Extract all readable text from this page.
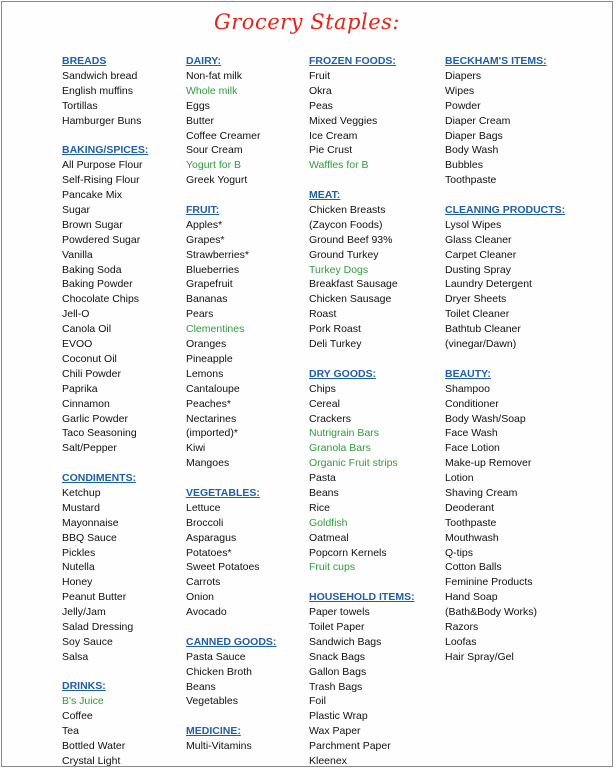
Grocery Staples:
BREADS
Sandwich bread
English muffins
Tortillas
Hamburger Buns
BAKING/SPICES:
All Purpose Flour
Self-Rising Flour
Pancake Mix
Sugar
Brown Sugar
Powdered Sugar
Vanilla
Baking Soda
Baking Powder
Chocolate Chips
Jell-O
Canola Oil
EVOO
Coconut Oil
Chili Powder
Paprika
Cinnamon
Garlic Powder
Taco Seasoning
Salt/Pepper
CONDIMENTS:
Ketchup
Mustard
Mayonnaise
BBQ Sauce
Pickles
Nutella
Honey
Peanut Butter
Jelly/Jam
Salad Dressing
Soy Sauce
Salsa
DRINKS:
B's Juice
Coffee
Tea
Bottled Water
Crystal Light
DAIRY:
Non-fat milk
Whole milk
Eggs
Butter
Coffee Creamer
Sour Cream
Yogurt for B
Greek Yogurt
FRUIT:
Apples*
Grapes*
Strawberries*
Blueberries
Grapefruit
Bananas
Pears
Clementines
Oranges
Pineapple
Lemons
Cantaloupe
Peaches*
Nectarines
(imported)*
Kiwi
Mangoes
VEGETABLES:
Lettuce
Broccoli
Asparagus
Potatoes*
Sweet Potatoes
Carrots
Onion
Avocado
CANNED GOODS:
Pasta Sauce
Chicken Broth
Beans
Vegetables
MEDICINE:
Multi-Vitamins
FROZEN FOODS:
Fruit
Okra
Peas
Mixed Veggies
Ice Cream
Pie Crust
Waffles for B
MEAT:
Chicken Breasts
(Zaycon Foods)
Ground Beef 93%
Ground Turkey
Turkey Dogs
Breakfast Sausage
Chicken Sausage
Roast
Pork Roast
Deli Turkey
DRY GOODS:
Chips
Cereal
Crackers
Nutrigrain Bars
Granola Bars
Organic Fruit strips
Pasta
Beans
Rice
Goldfish
Oatmeal
Popcorn Kernels
Fruit cups
HOUSEHOLD ITEMS:
Paper towels
Toilet Paper
Sandwich Bags
Snack Bags
Gallon Bags
Trash Bags
Foil
Plastic Wrap
Wax Paper
Parchment Paper
Kleenex
BECKHAM'S ITEMS:
Diapers
Wipes
Powder
Diaper Cream
Diaper Bags
Body Wash
Bubbles
Toothpaste
CLEANING PRODUCTS:
Lysol Wipes
Glass Cleaner
Carpet Cleaner
Dusting Spray
Laundry Detergent
Dryer Sheets
Toilet Cleaner
Bathtub Cleaner
(vinegar/Dawn)
BEAUTY:
Shampoo
Conditioner
Body Wash/Soap
Face Wash
Face Lotion
Make-up Remover
Lotion
Shaving Cream
Deoderant
Toothpaste
Mouthwash
Q-tips
Cotton Balls
Feminine Products
Hand Soap
(Bath&Body Works)
Razors
Loofas
Hair Spray/Gel
